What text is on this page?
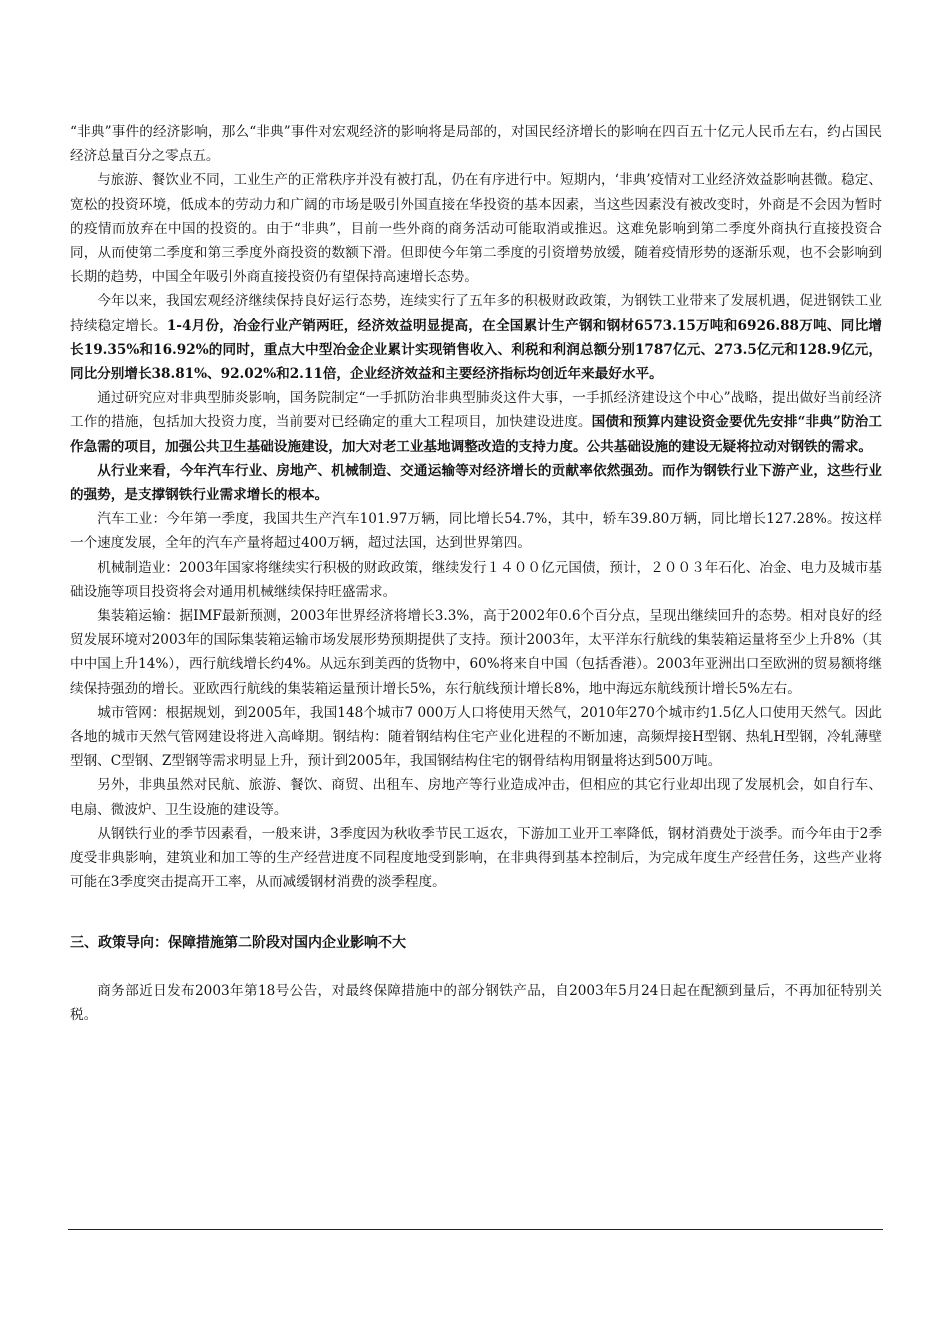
“非典”事件的经济影响，那么“非典”事件对宏观经济的影响将是局部的，对国民经济增长的影响在四百五十亿元人民币左右，约占国民经济总量百分之零点五。

与旅游、餐饮业不同，工业生产的正常秩序并没有被打乱，仍在有序进行中。短期内，‘非典’疫情对工业经济效益影响甚微。稳定、宽松的投资环境，低成本的劳动力和广阔的市场是吸引外国直接在华投资的基本因素，当这些因素没有被改变时，外商是不会因为暂时的疫情而放弃在中国的投资的。由于“非典”，目前一些外商的商务活动可能取消或推迟。这难免影响到第二季度外商执行直接投资合同，从而使第二季度和第三季度外商投资的数额下滑。但即使今年第二季度的引资增势放缓，随着疫情形势的逐渐乐观，也不会影响到长期的趋势，中国全年吸引外商直接投资仍有望保持高速增长态势。

今年以来，我国宏观经济继续保持良好运行态势，连续实行了五年多的积极财政政策，为钢铁工业带来了发展机遇，促进钢铁工业持续稳定增长。1-4月份，冶金行业产销两旺，经济效益明显提高，在全国累计生产钢和钢材6573.15万吨和6926.88万吨、同比增长19.35%和16.92%的同时，重点大中型冶金企业累计实现销售收入、利税和利润总额分别1787亿元、273.5亿元和128.9亿元，同比分别增长38.81%、92.02%和2.11倍，企业经济效益和主要经济指标均创近年来最好水平。

通过研究应对非典型肺炎影响，国务院制定“一手抓防治非典型肺炎这件大事，一手抓经济建设这个中心”战略，提出做好当前经济工作的措施，包括加大投资力度，当前要对已经确定的重大工程项目，加快建设进度。国债和预算内建设资金要优先安排“非典”防治工作急需的项目，加强公共卫生基础设施建设，加大对老工业基地调整改造的支持力度。公共基础设施的建设无疑将拉动对钢铁的需求。

从行业来看，今年汽车行业、房地产、机械制造、交通运输等对经济增长的贡献率依然强劲。而作为钢铁行业下游产业，这些行业的强势，是支撑钢铁行业需求增长的根本。

汽车工业：今年第一季度，我国共生产汽车101.97万辆，同比增长54.7%，其中，轿车39.80万辆，同比增长127.28%。按这样一个速度发展，全年的汽车产量将超过400万辆，超过法国，达到世界第四。

机械制造业：2003年国家将继续实行积极的财政政策，继续发行１４００亿元国债，预计，２００３年石化、冶金、电力及城市基础设施等项目投资将会对通用机械继续保持旺盛需求。

集装箱运输：据IMF最新预测，2003年世界经济将增长3.3%，高于2002年0.6个百分点，呈现出继续回升的态势。相对良好的经贸发展环境对2003年的国际集装箱运输市场发展形势预期提供了支持。预计2003年，太平洋东行航线的集装箱运量将至少上升8%（其中中国上升14%），西行航线增长约4%。从远东到美西的货物中，60%将来自中国（包括香港）。2003年亚洲出口至欧洲的贸易额将继续保持强劲的增长。亚欧西行航线的集装箱运量预计增长5%，东行航线预计增长8%，地中海远东航线预计增长5%左右。

城市管网：根据规划，到2005年，我国148个城市7 000万人口将使用天然气，2010年270个城市约1.5亿人口使用天然气。因此各地的城市天然气管网建设将进入高峰期。钢结构：随着钢结构住宅产业化进程的不断加速，高频焊接H型钢、热轧H型钢，冷轧薄壁型钢、C型钢、Z型钢等需求明显上升，预计到2005年，我国钢结构住宅的钢骨结构用钢量将达到500万吨。

另外，非典虽然对民航、旅游、餐饮、商贸、出租车、房地产等行业造成冲击，但相应的其它行业却出现了发展机会，如自行车、电扇、微波炉、卫生设施的建设等。

从钢铁行业的季节因素看，一般来讲，3季度因为秋收季节民工返农，下游加工业开工率降低，钢材消费处于淡季。而今年由于2季度受非典影响，建筑业和加工等的生产经营进度不同程度地受到影响，在非典得到基本控制后，为完成年度生产经营任务，这些产业将可能在3季度突击提高开工率，从而减缓钢材消费的淡季程度。

三、政策导向：保障措施第二阶段对国内企业影响不大

商务部近日发布2003年第18号公告，对最终保障措施中的部分钢铁产品，自2003年5月24日起在配额到量后，不再加征特别关税。
